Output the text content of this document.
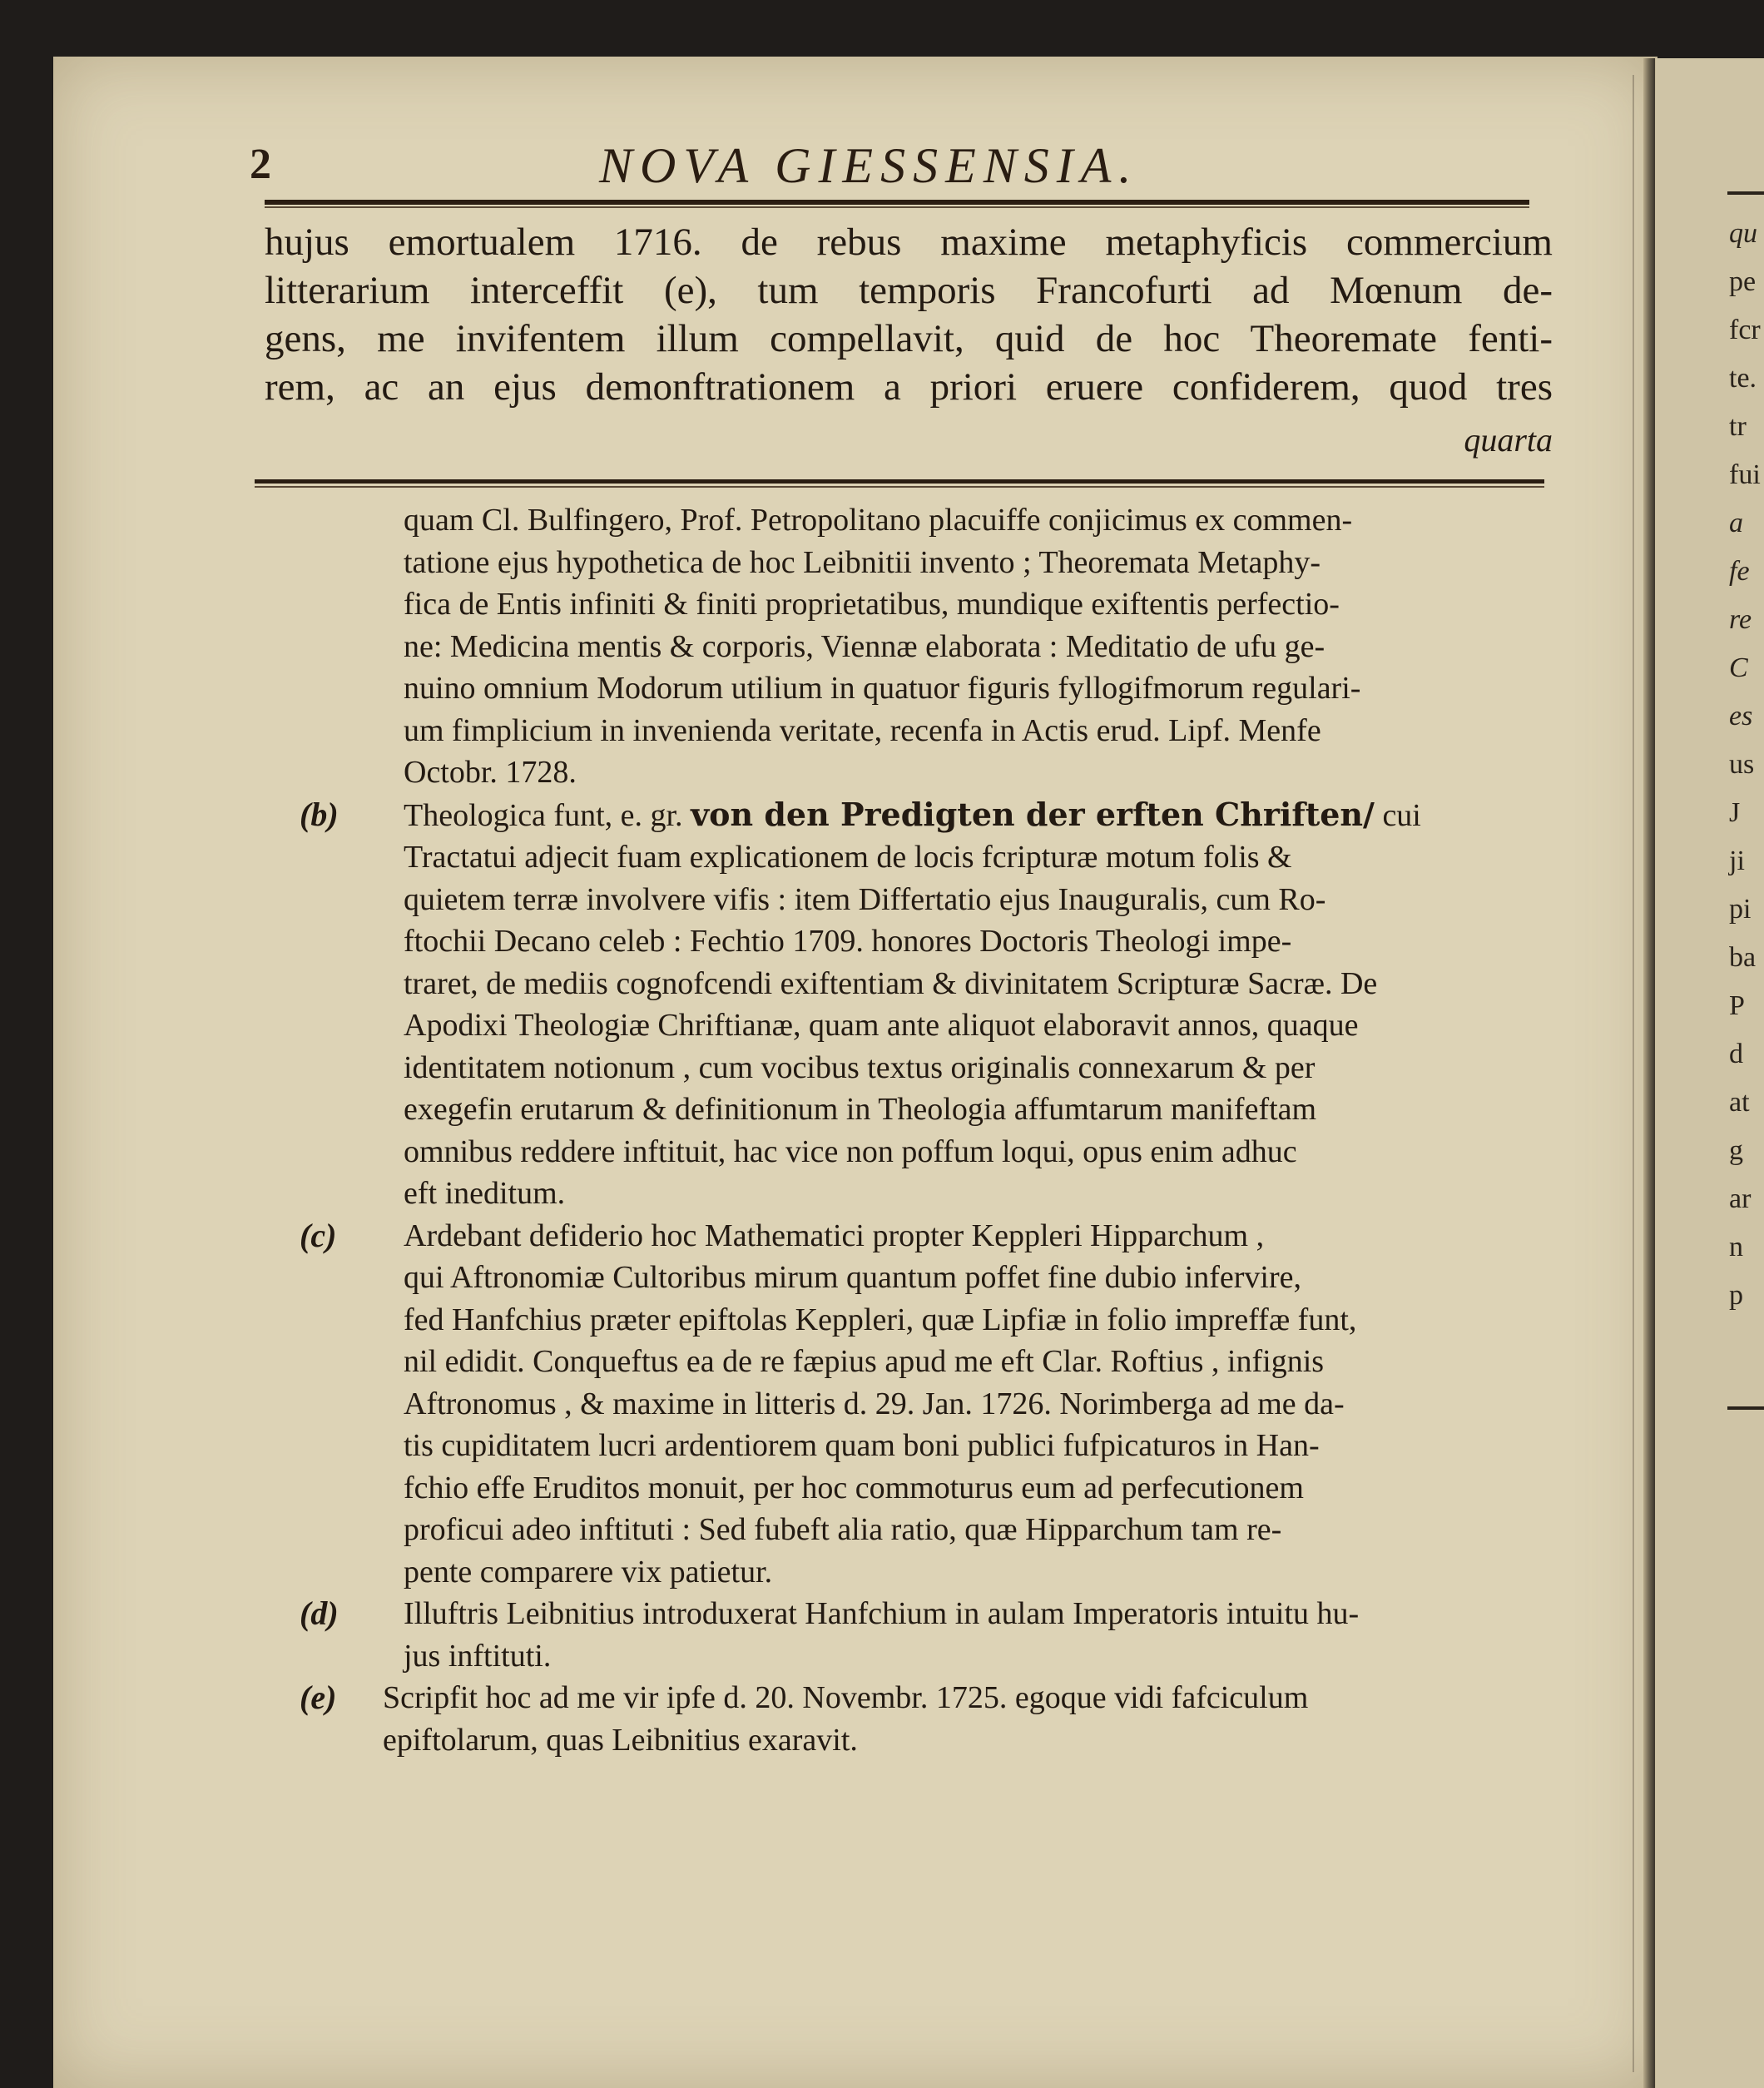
qu
pe
fcr
te.
tr
fui
a
fe
re
C
es
us
J
ji
pi
ba
P
d
at
g
ar
n
p
2	NOVA GIESSENSIA.
hujus emortualem 1716. de rebus maxime metaphyficis commercium
litterarium interceffit (e), tum temporis Francofurti ad Mœnum de-
gens, me invifentem illum compellavit, quid de hoc Theoremate fenti-
rem, ac an ejus demonftrationem a priori eruere confiderem, quod tres
quarta
quam Cl. Bulfingero, Prof. Petropolitano placuiffe conjicimus ex commen-
tatione ejus hypothetica de hoc Leibnitii invento ; Theoremata Metaphy-
fica de Entis infiniti & finiti proprietatibus, mundique exiftentis perfectio-
ne: Medicina mentis & corporis, Viennæ elaborata : Meditatio de ufu ge-
nuino omnium Modorum utilium in quatuor figuris fyllogifmorum regulari-
um fimplicium in invenienda veritate, recenfa in Actis erud. Lipf. Menfe
Octobr. 1728.
(b)	Theologica funt, e. gr. von den Predigten der erften Chriften/ cui
Tractatui adjecit fuam explicationem de locis fcripturæ motum folis &
quietem terræ involvere vifis : item Differtatio ejus Inauguralis, cum Ro-
ftochii Decano celeb : Fechtio 1709. honores Doctoris Theologi impe-
traret, de mediis cognofcendi exiftentiam & divinitatem Scripturæ Sacræ. De
Apodixi Theologiæ Chriftianæ, quam ante aliquot elaboravit annos, quaque
identitatem notionum , cum vocibus textus originalis connexarum & per
exegefin erutarum & definitionum in Theologia affumtarum manifeftam
omnibus reddere inftituit, hac vice non poffum loqui, opus enim adhuc
eft ineditum.
(c)	Ardebant defiderio hoc Mathematici propter Keppleri Hipparchum ,
qui Aftronomiæ Cultoribus mirum quantum poffet fine dubio infervire,
fed Hanfchius præter epiftolas Keppleri, quæ Lipfiæ in folio impreffæ funt,
nil edidit. Conqueftus ea de re fæpius apud me eft Clar. Roftius , infignis
Aftronomus , & maxime in litteris d. 29. Jan. 1726. Norimberga ad me da-
tis cupiditatem lucri ardentiorem quam boni publici fufpicaturos in Han-
fchio effe Eruditos monuit, per hoc commoturus eum ad perfecutionem
proficui adeo inftituti : Sed fubeft alia ratio, quæ Hipparchum tam re-
pente comparere vix patietur.
(d)	Illuftris Leibnitius introduxerat Hanfchium in aulam Imperatoris intuitu hu-
jus inftituti.
(e)	Scripfit hoc ad me vir ipfe d. 20. Novembr. 1725. egoque vidi fafciculum
epiftolarum, quas Leibnitius exaravit.
